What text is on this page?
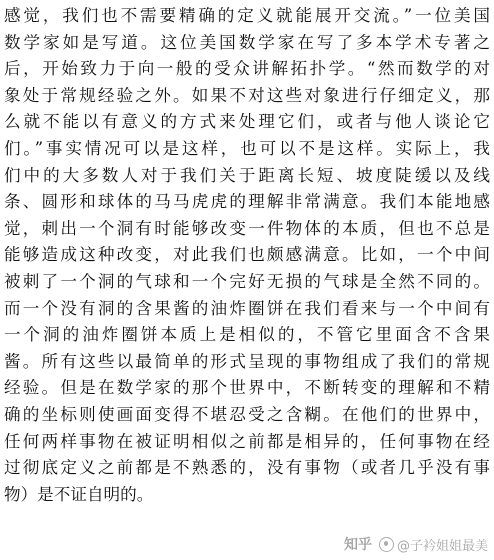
感觉，我们也不需要精确的定义就能展开交流。”一位美国
数学家如是写道。这位美国数学家在写了多本学术专著之
后，开始致力于向一般的受众讲解拓扑学。“然而数学的对
象处于常规经验之外。如果不对这些对象进行仔细定义，那
么就不能以有意义的方式来处理它们，或者与他人谈论它
们。”事实情况可以是这样，也可以不是这样。实际上，我
们中的大多数人对于我们关于距离长短、坡度陡缓以及线
条、圆形和球体的马马虎虎的理解非常满意。我们本能地感
觉，刺出一个洞有时能够改变一件物体的本质，但也不总是
能够造成这种改变，对此我们也颇感满意。比如，一个中间
被刺了一个洞的气球和一个完好无损的气球是全然不同的。
而一个没有洞的含果酱的油炸圈饼在我们看来与一个中间有
一个洞的油炸圈饼本质上是相似的，不管它里面含不含果
酱。所有这些以最简单的形式呈现的事物组成了我们的常规
经验。但是在数学家的那个世界中，不断转变的理解和不精
确的坐标则使画面变得不堪忍受之含糊。在他们的世界中，
任何两样事物在被证明相似之前都是相异的，任何事物在经
过彻底定义之前都是不熟悉的，没有事物（或者几乎没有事
物）是不证自明的。
知乎 @子衿姐姐最美
